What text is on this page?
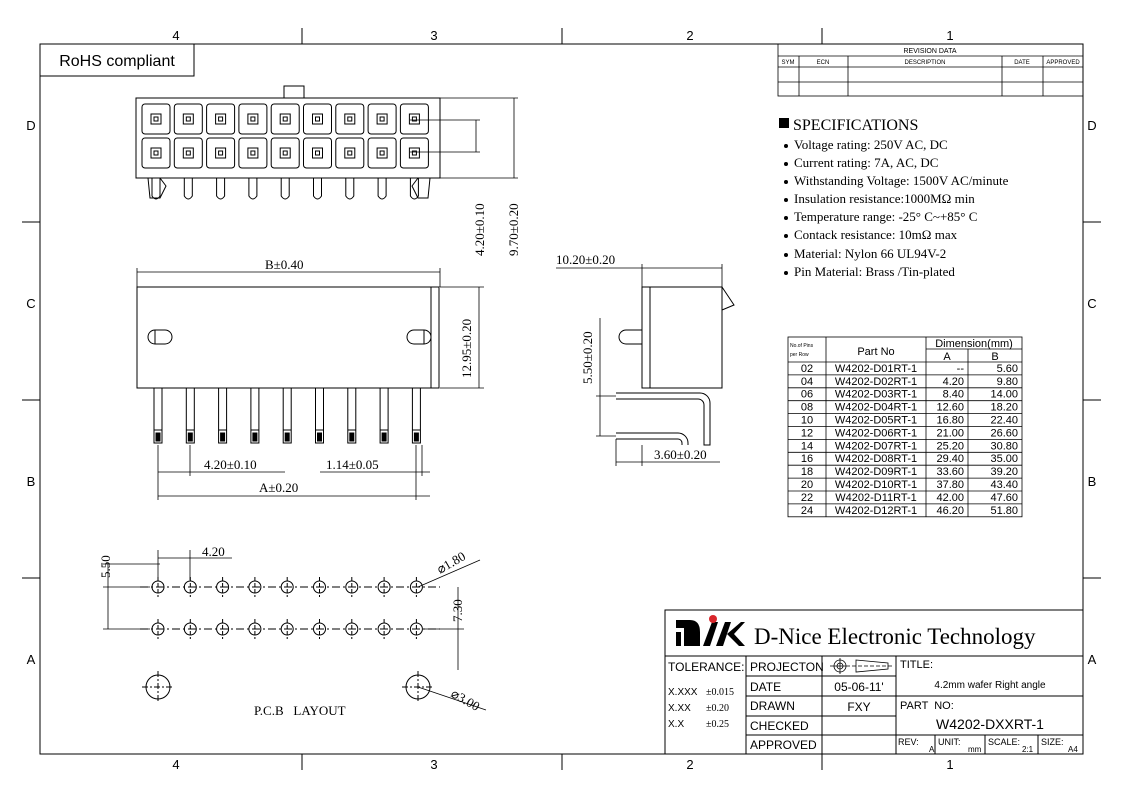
4	3	2	1
4	3	2	1
D
C
B
A
D
C
B
A
RoHS compliant
REVISION DATA
SYM	ECN	DESCRIPTION	DATE	APPROVED
SPECIFICATIONS
Voltage rating: 250V AC, DC
Current rating: 7A, AC, DC
Withstanding Voltage: 1500V AC/minute
Insulation resistance:1000MΩ min
Temperature range: -25° C~+85° C
Contack resistance: 10mΩ max
Material: Nylon 66 UL94V-2
Pin Material: Brass /Tin-plated
4.20±0.10 9.70±0.20
B±0.40
12.95±0.20
4.20±0.10	1.14±0.05
A±0.20
10.20±0.20
5.50±0.20
3.60±0.20
5.50
4.20	⌀1.80
7.30
⌀3.00
P.C.B   LAYOUT
No.of Pins
per Row	Part No
Dimension(mm)
A	B
02 W4202-D01RT-1	--	5.60
04 W4202-D02RT-1 4.20	9.80
06 W4202-D03RT-1 8.40 14.00
08 W4202-D04RT-1 12.60 18.20
10 W4202-D05RT-1 16.80 22.40
12 W4202-D06RT-1 21.00 26.60
14 W4202-D07RT-1 25.20 30.80
16 W4202-D08RT-1 29.40 35.00
18 W4202-D09RT-1 33.60 39.20
20 W4202-D10RT-1 37.80 43.40
22 W4202-D11RT-1 42.00 47.60
24 W4202-D12RT-1 46.20 51.80
D-Nice Electronic Technology
TOLERANCE:
X.XXX ±0.015
X.XX ±0.20
X.X ±0.25
PROJECTON
DATE	05-06-11'
DRAWN	FXY
CHECKED
APPROVED
TITLE:
4.2mm wafer Right angle
PART  NO:
W4202-DXXRT-1
REV:
A
UNIT:
mm
SCALE:
2:1
SIZE:
A4
